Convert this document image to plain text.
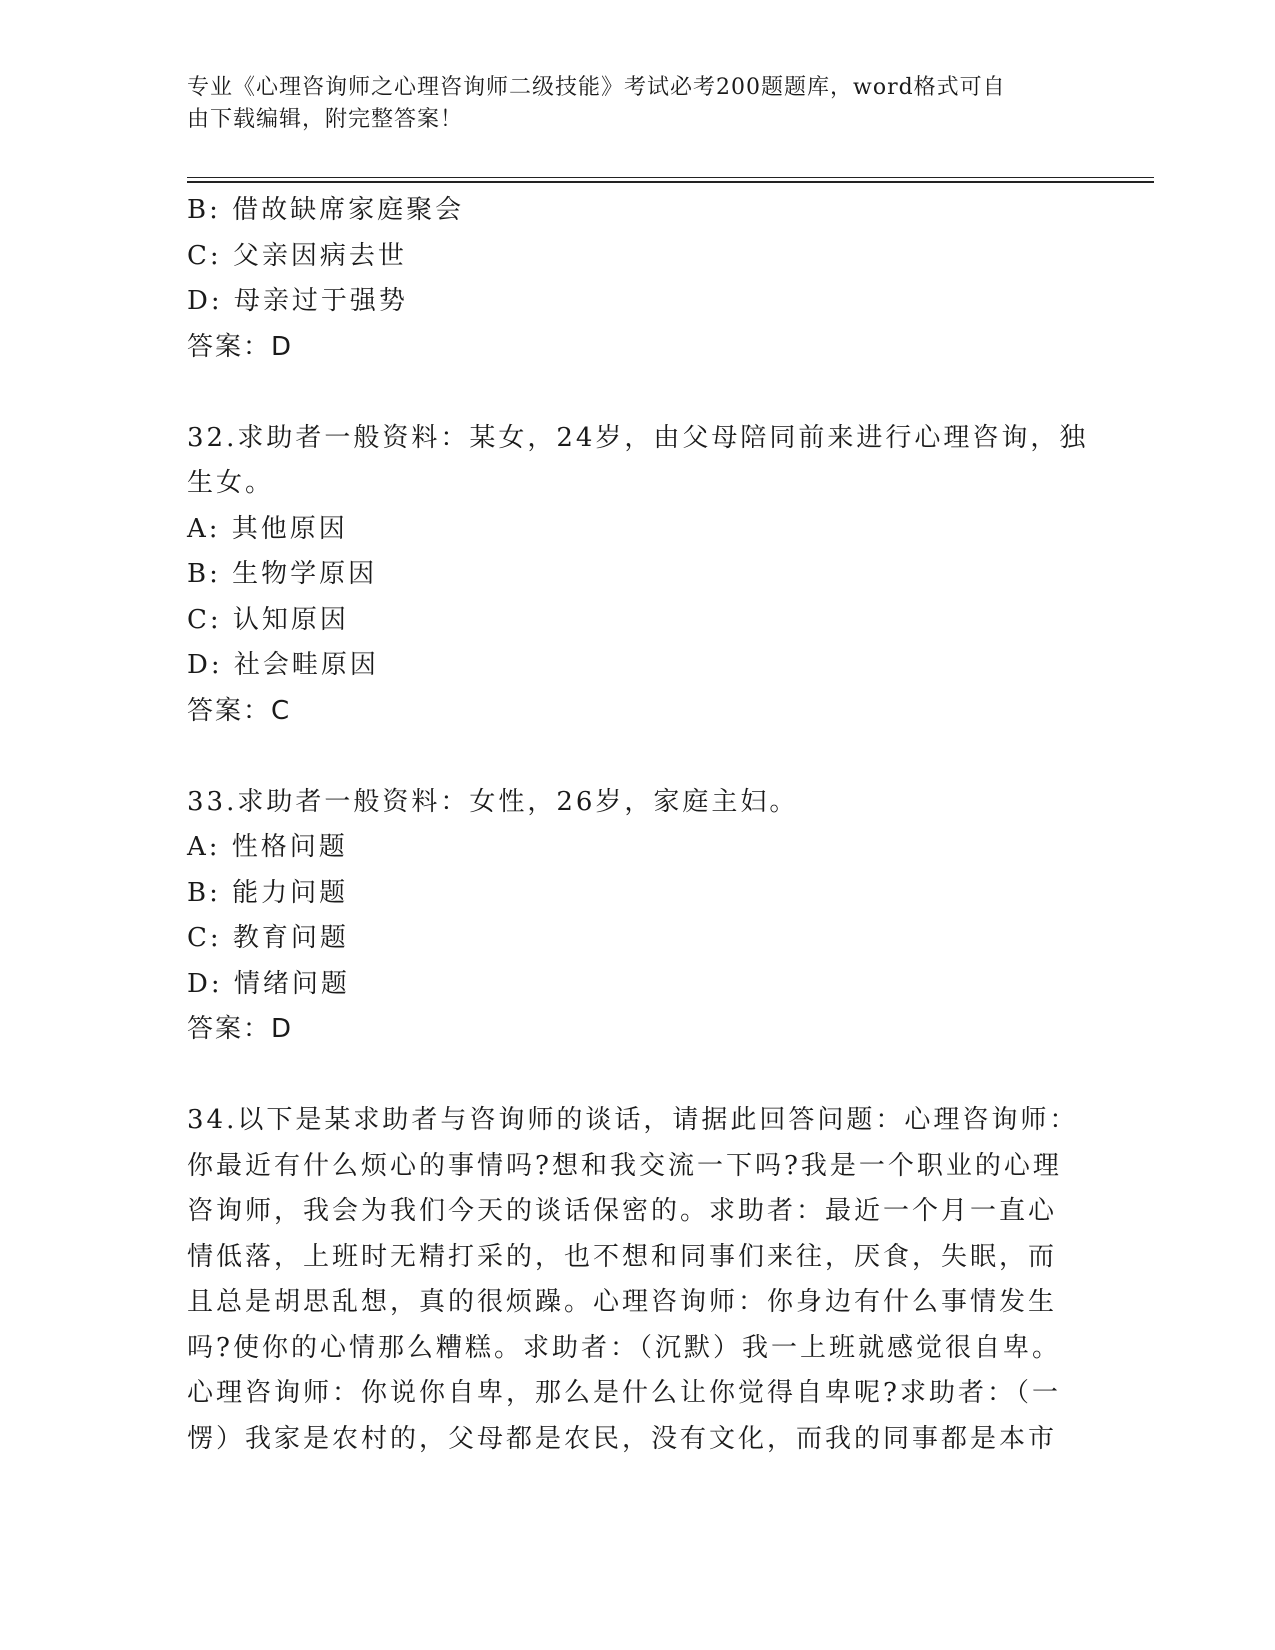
专业《心理咨询师之心理咨询师二级技能》考试必考200题题库，word格式可自
由下载编辑，附完整答案！
B: 借故缺席家庭聚会
C: 父亲因病去世
D: 母亲过于强势
答案：D
32.求助者一般资料：某女，24岁，由父母陪同前来进行心理咨询，独
生女。
A: 其他原因
B: 生物学原因
C: 认知原因
D: 社会畦原因
答案：C
33.求助者一般资料：女性，26岁，家庭主妇。
A: 性格问题
B: 能力问题
C: 教育问题
D: 情绪问题
答案：D
34.以下是某求助者与咨询师的谈话，请据此回答问题：心理咨询师：
你最近有什么烦心的事情吗?想和我交流一下吗?我是一个职业的心理
咨询师，我会为我们今天的谈话保密的。求助者：最近一个月一直心
情低落，上班时无精打采的，也不想和同事们来往，厌食，失眠，而
且总是胡思乱想，真的很烦躁。心理咨询师：你身边有什么事情发生
吗?使你的心情那么糟糕。求助者：（沉默）我一上班就感觉很自卑。
心理咨询师：你说你自卑，那么是什么让你觉得自卑呢?求助者：（一
愣）我家是农村的，父母都是农民，没有文化，而我的同事都是本市
